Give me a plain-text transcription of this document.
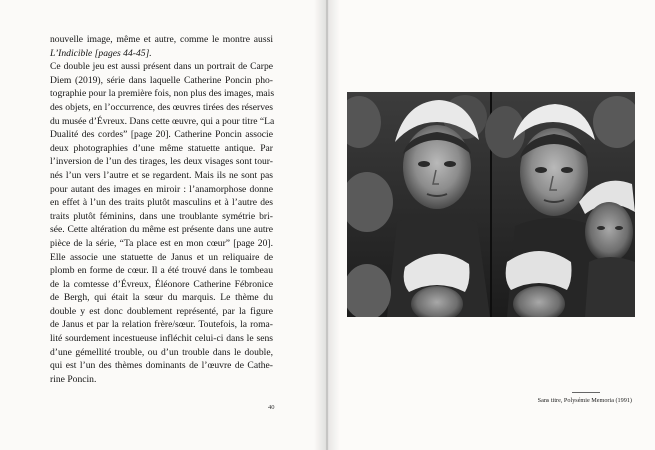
nouvelle image, même et autre, comme le montre aussi
L’Indicible [pages 44-45].
Ce double jeu est aussi présent dans un portrait de Carpe
Diem (2019), série dans laquelle Catherine Poncin pho-
tographie pour la première fois, non plus des images, mais
des objets, en l’occurrence, des œuvres tirées des réserves
du musée d’Évreux. Dans cette œuvre, qui a pour titre “La
Dualité des cordes” [page 20]. Catherine Poncin associe
deux photographies d’une même statuette antique. Par
l’inversion de l’un des tirages, les deux visages sont tour-
nés l’un vers l’autre et se regardent. Mais ils ne sont pas
pour autant des images en miroir : l’anamorphose donne
en effet à l’un des traits plutôt masculins et à l’autre des
traits plutôt féminins, dans une troublante symétrie bri-
sée. Cette altération du même est présente dans une autre
pièce de la série, “Ta place est en mon cœur” [page 20].
Elle associe une statuette de Janus et un reliquaire de
plomb en forme de cœur. Il a été trouvé dans le tombeau
de la comtesse d’Évreux, Éléonore Catherine Fébronice
de Bergh, qui était la sœur du marquis. Le thème du
double y est donc doublement représenté, par la figure
de Janus et par la relation frère/sœur. Toutefois, la roma-
lité sourdement incestueuse infléchit celui-ci dans le sens
d’une gémellité trouble, ou d’un trouble dans le double,
qui est l’un des thèmes dominants de l’œuvre de Cathe-
rine Poncin.
40
Sans titre, Polysémie Memoria (1991)
